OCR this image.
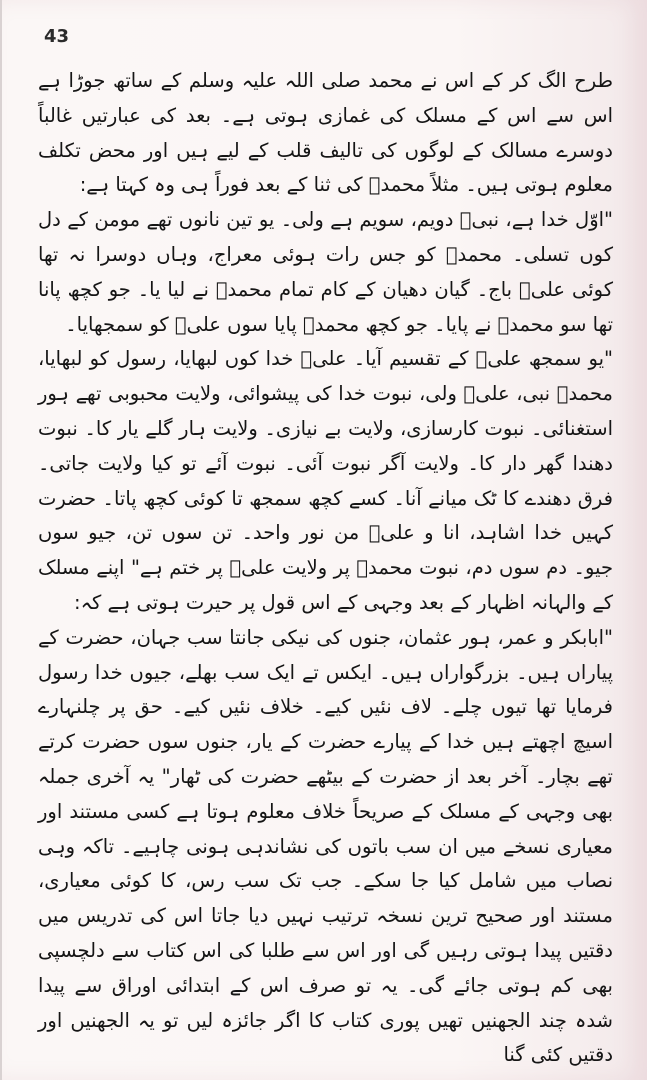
43

طرح الگ کر کے اس نے محمد صلی اللہ علیہ وسلم کے ساتھ جوڑا ہے اس سے اس کے مسلک کی غمازی ہوتی ہے۔ بعد کی عبارتیں غالباً دوسرے مسالک کے لوگوں کی تالیف قلب کے لیے ہیں اور محض تکلف معلوم ہوتی ہیں۔ مثلاً محمدؐ کی ثنا کے بعد فوراً ہی وہ کہتا ہے:

"اوّل خدا ہے، نبیؐ دویم، سویم ہے ولی۔ یو تین نانوں تھے مومن کے دل کوں تسلی۔ محمدؐ کو جس رات ہوئی معراج، وہاں دوسرا نہ تھا کوئی علیؑ باج۔ گیان دھیان کے کام تمام محمدؐ نے لیا یا۔ جو کچھ پانا تھا سو محمدؐ نے پایا۔ جو کچھ محمدؐ پایا سوں علیؑ کو سمجھایا۔

"یو سمجھ علیؑ کے تقسیم آیا۔ علیؑ خدا کوں لبھایا، رسول کو لبھایا، محمدؐ نبی، علیؑ ولی، نبوت خدا کی پیشوائی، ولایت محبوبی تھے ہور استغنائی۔ نبوت کارسازی، ولایت بے نیازی۔ ولایت ہار گلے یار کا۔ نبوت دھندا گھر دار کا۔ ولایت آگر نبوت آئی۔ نبوت آئے تو کیا ولایت جاتی۔ فرق دھندے کا ٹک میانے آنا۔ کسے کچھ سمجھ تا کوئی کچھ پاتا۔ حضرت کہیں خدا اشاہد، انا و علیؑ من نور واحد۔ تن سوں تن، جیو سوں جیو۔ دم سوں دم، نبوت محمدؐ پر ولایت علیؑ پر ختم ہے" اپنے مسلک کے والہانہ اظہار کے بعد وجہی کے اس قول پر حیرت ہوتی ہے کہ:

"ابابکر و عمر، ہور عثمان، جنوں کی نیکی جانتا سب جہان، حضرت کے پیاراں ہیں۔ بزرگواراں ہیں۔ ایکس تے ایک سب بھلے، جیوں خدا رسول فرمایا تھا تیوں چلے۔ لاف نئیں کیے۔ خلاف نئیں کیے۔ حق پر چلنہارے اسیچ اچھتے ہیں خدا کے پیارے حضرت کے یار، جنوں سوں حضرت کرتے تھے بچار۔ آخر بعد از حضرت کے بیٹھے حضرت کی ٹھار" یہ آخری جملہ بھی وجہی کے مسلک کے صریحاً خلاف معلوم ہوتا ہے کسی مستند اور معیاری نسخے میں ان سب باتوں کی نشاندہی ہونی چاہیے۔ تاکہ وہی نصاب میں شامل کیا جا سکے۔ جب تک سب رس، کا کوئی معیاری، مستند اور صحیح ترین نسخہ ترتیب نہیں دیا جاتا اس کی تدریس میں دقتیں پیدا ہوتی رہیں گی اور اس سے طلبا کی اس کتاب سے دلچسپی بھی کم ہوتی جائے گی۔ یہ تو صرف اس کے ابتدائی اوراق سے پیدا شدہ چند الجھنیں تھیں پوری کتاب کا اگر جائزہ لیں تو یہ الجھنیں اور دقتیں کئی گنا
